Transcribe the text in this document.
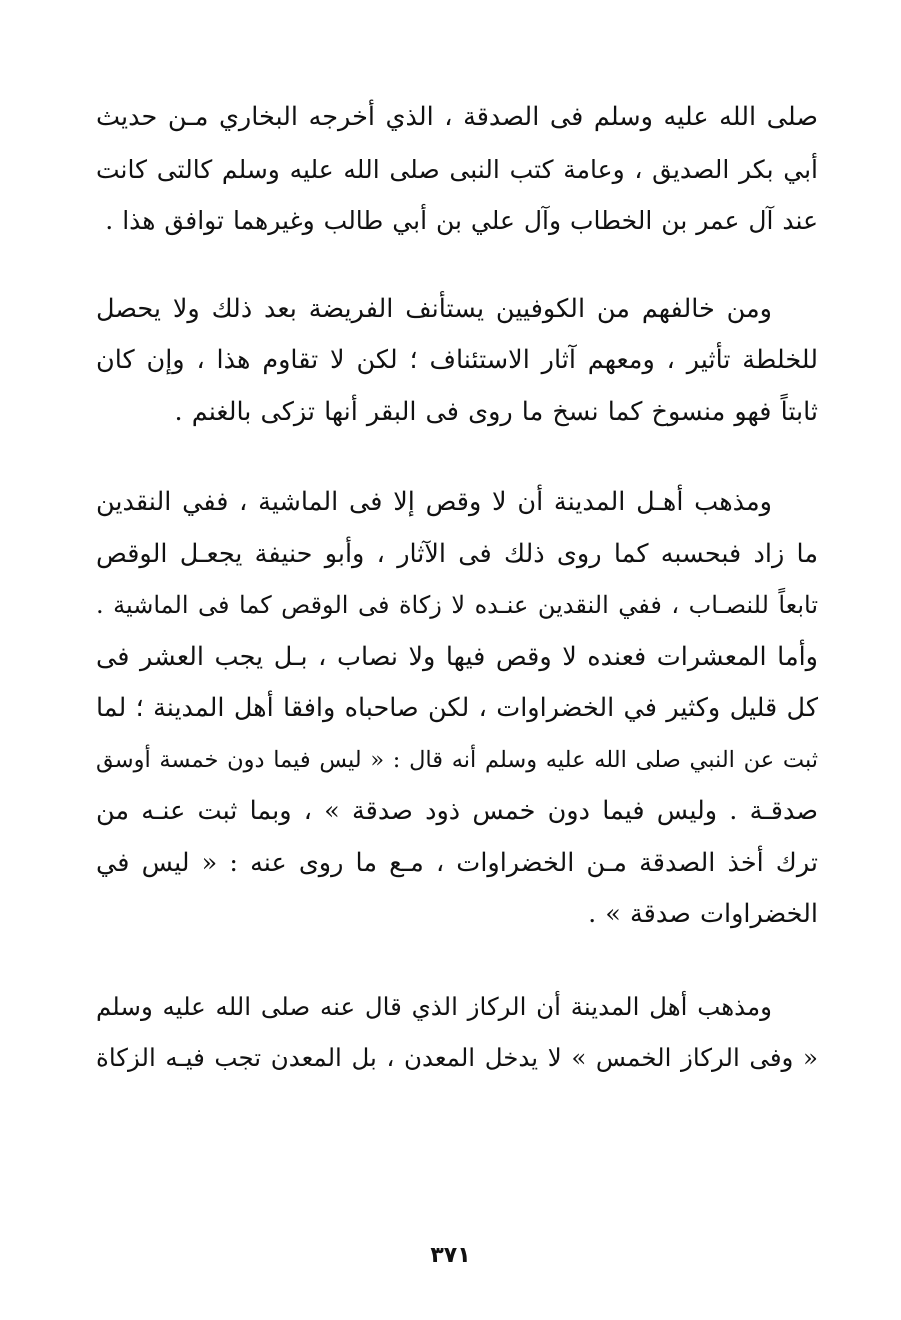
صلى الله عليه وسلم فى الصدقة ، الذي أخرجه البخاري مـن حديث
أبي بكر الصديق ، وعامة كتب النبى صلى الله عليه وسلم كالتى كانت
عند آل عمر بن الخطاب وآل علي بن أبي طالب وغيرهما توافق هذا .

ومن خالفهم من الكوفيين يستأنف الفريضة بعد ذلك ولا يحصل
للخلطة تأثير ، ومعهم آثار الاستئناف ؛ لكن لا تقاوم هذا ، وإن كان
ثابتاً فهو منسوخ كما نسخ ما روى فى البقر أنها تزكى بالغنم .

ومذهب أهـل المدينة أن لا وقص إلا فى الماشية ، ففي النقدين
ما زاد فبحسبه كما روى ذلك فى الآثار ، وأبو حنيفة يجعـل الوقص
تابعاً للنصـاب ، ففي النقدين عنـده لا زكاة فى الوقص كما فى الماشية .
وأما المعشرات فعنده لا وقص فيها ولا نصاب ، بـل يجب العشر فى
كل قليل وكثير في الخضراوات ، لكن صاحباه وافقا أهل المدينة ؛ لما
ثبت عن النبي صلى الله عليه وسلم أنه قال : « ليس فيما دون خمسة أوسق
صدقـة . وليس فيما دون خمس ذود صدقة » ، وبما ثبت عنـه من
ترك أخذ الصدقة مـن الخضراوات ، مـع ما روى عنه : « ليس في
الخضراوات صدقة » .

ومذهب أهل المدينة أن الركاز الذي قال عنه صلى الله عليه وسلم
« وفى الركاز الخمس » لا يدخل المعدن ، بل المعدن تجب فيـه الزكاة

٣٧١
